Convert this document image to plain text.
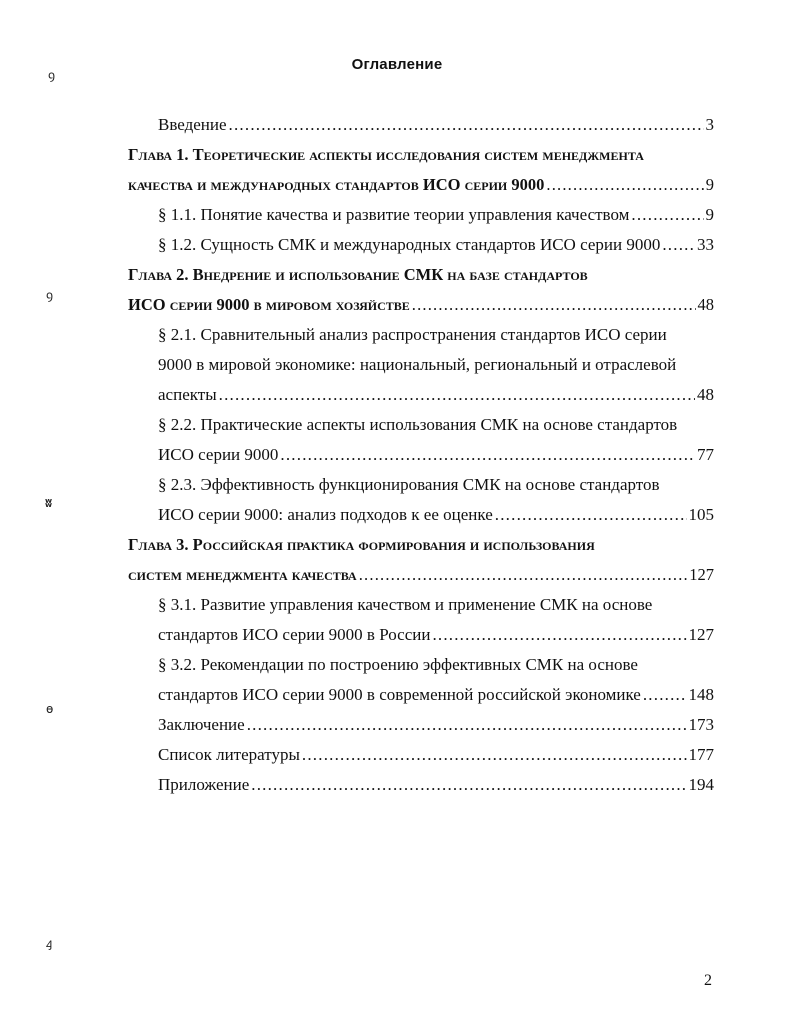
ꝯ
ꝯ
ʬ
ɵ
ꜭ
Оглавление
Введение .....	3
Глава 1. Теоретические аспекты исследования систем менеджмента
качества и международных стандартов ИСО серии 9000 .....	9
§ 1.1. Понятие качества и развитие теории управления качеством .....	9
§ 1.2. Сущность СМК и международных стандартов ИСО серии 9000 ..... 33
Глава 2. Внедрение и использование СМК на базе стандартов
ИСО серии 9000 в мировом хозяйстве .....	48
§ 2.1. Сравнительный анализ распространения стандартов ИСО серии
9000 в мировой экономике: национальный, региональный и отраслевой
аспекты .....	48
§ 2.2. Практические аспекты использования СМК на основе стандартов
ИСО серии 9000 .....	77
§ 2.3. Эффективность функционирования СМК на основе стандартов
ИСО серии 9000: анализ подходов к ее оценке .....	105
Глава 3. Российская практика формирования и использования
систем менеджмента качества .....	127
§ 3.1. Развитие управления качеством и применение СМК на основе
стандартов ИСО серии 9000 в России .....	127
§ 3.2. Рекомендации по построению эффективных СМК на основе
стандартов ИСО серии 9000 в современной российской экономике .....	148
Заключение .....	173
Список литературы .....	177
Приложение .....	194
2
